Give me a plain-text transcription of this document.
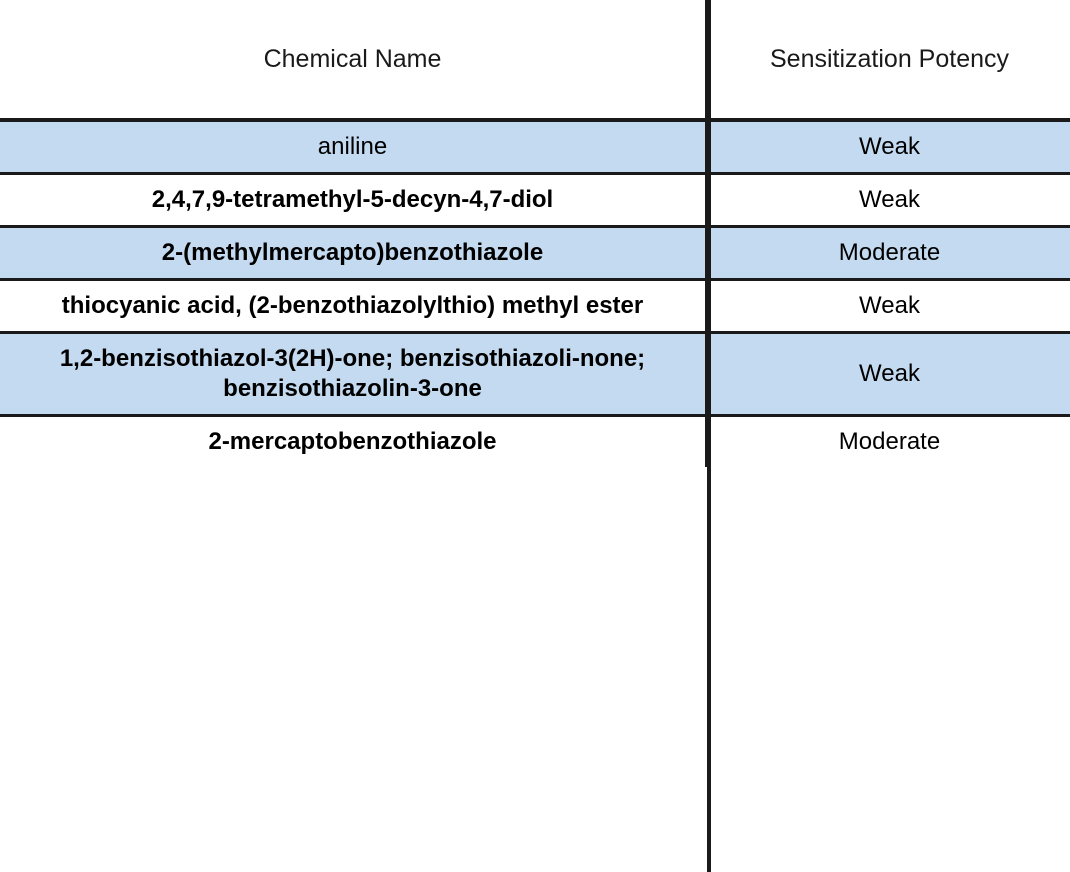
Chemical Name	Sensitization Potency
aniline	Weak
2,4,7,9-tetramethyl-5-decyn-4,7-diol	Weak
2-(methylmercapto)benzothiazole	Moderate
thiocyanic acid, (2-benzothiazolylthio) methyl ester	Weak
1,2-benzisothiazol-3(2H)-one; benzisothiazoli-none; benzisothiazolin-3-one	Weak
2-mercaptobenzothiazole	Moderate
